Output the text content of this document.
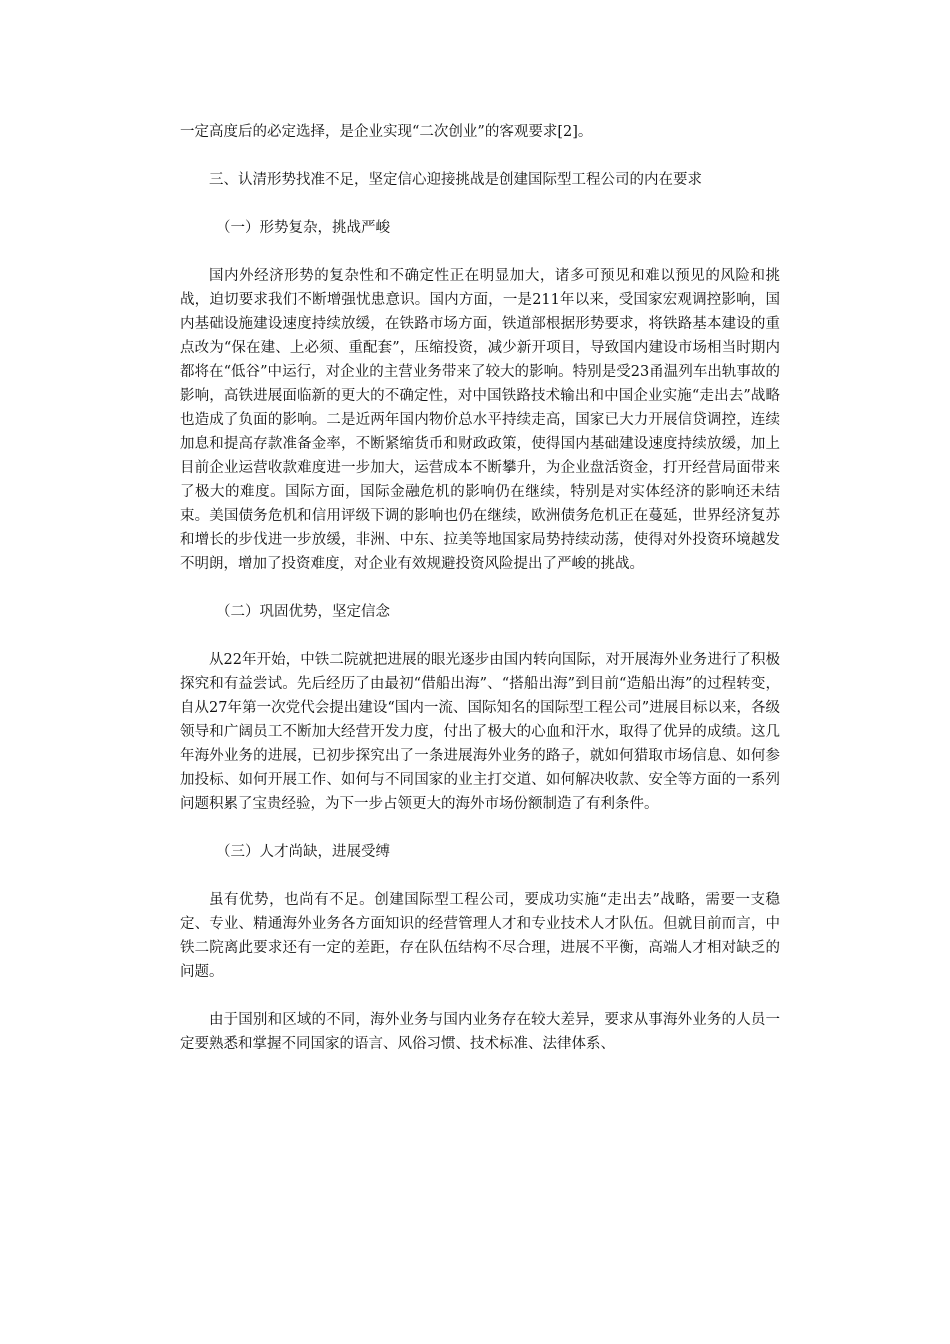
一定高度后的必定选择，是企业实现“二次创业”的客观要求[2]。

三、认清形势找准不足，坚定信心迎接挑战是创建国际型工程公司的内在要求

（一）形势复杂，挑战严峻

国内外经济形势的复杂性和不确定性正在明显加大，诸多可预见和难以预见的风险和挑战，迫切要求我们不断增强忧患意识。国内方面，一是211年以来，受国家宏观调控影响，国内基础设施建设速度持续放缓，在铁路市场方面，铁道部根据形势要求，将铁路基本建设的重点改为“保在建、上必须、重配套”，压缩投资，减少新开项目，导致国内建设市场相当时期内都将在“低谷”中运行，对企业的主营业务带来了较大的影响。特别是受23甬温列车出轨事故的影响，高铁进展面临新的更大的不确定性，对中国铁路技术输出和中国企业实施“走出去”战略也造成了负面的影响。二是近两年国内物价总水平持续走高，国家已大力开展信贷调控，连续加息和提高存款准备金率，不断紧缩货币和财政政策，使得国内基础建设速度持续放缓，加上目前企业运营收款难度进一步加大，运营成本不断攀升，为企业盘活资金，打开经营局面带来了极大的难度。国际方面，国际金融危机的影响仍在继续，特别是对实体经济的影响还未结束。美国债务危机和信用评级下调的影响也仍在继续，欧洲债务危机正在蔓延，世界经济复苏和增长的步伐进一步放缓，非洲、中东、拉美等地国家局势持续动荡，使得对外投资环境越发不明朗，增加了投资难度，对企业有效规避投资风险提出了严峻的挑战。

（二）巩固优势，坚定信念

从22年开始，中铁二院就把进展的眼光逐步由国内转向国际，对开展海外业务进行了积极探究和有益尝试。先后经历了由最初“借船出海”、“搭船出海”到目前“造船出海”的过程转变，自从27年第一次党代会提出建设“国内一流、国际知名的国际型工程公司”进展目标以来，各级领导和广阔员工不断加大经营开发力度，付出了极大的心血和汗水，取得了优异的成绩。这几年海外业务的进展，已初步探究出了一条进展海外业务的路子，就如何猎取市场信息、如何参加投标、如何开展工作、如何与不同国家的业主打交道、如何解决收款、安全等方面的一系列问题积累了宝贵经验，为下一步占领更大的海外市场份额制造了有利条件。

（三）人才尚缺，进展受缚

虽有优势，也尚有不足。创建国际型工程公司，要成功实施“走出去”战略，需要一支稳定、专业、精通海外业务各方面知识的经营管理人才和专业技术人才队伍。但就目前而言，中铁二院离此要求还有一定的差距，存在队伍结构不尽合理，进展不平衡，高端人才相对缺乏的问题。

由于国别和区域的不同，海外业务与国内业务存在较大差异，要求从事海外业务的人员一定要熟悉和掌握不同国家的语言、风俗习惯、技术标准、法律体系、
